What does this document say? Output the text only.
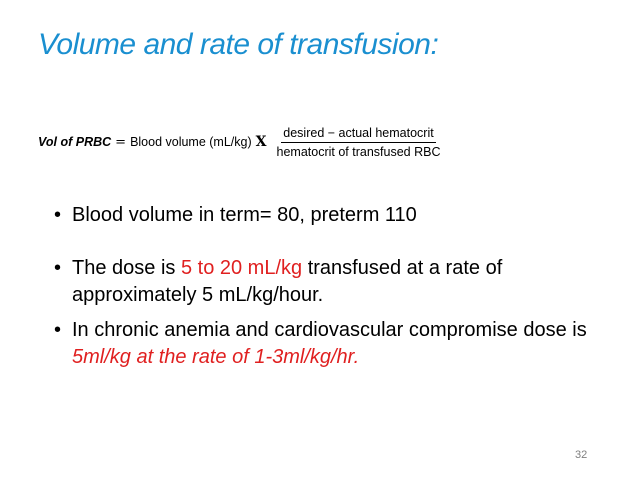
Volume and rate of transfusion:
Vol of PRBC = Blood volume (mL/kg) X $\frac{\text{desired − actual hematocrit}}{\text{hematocrit of transfused RBC}}$
• Blood volume in term= 80, preterm 110
• The dose is 5 to 20 mL/kg transfused at a rate of approximately 5 mL/kg/hour.
• In chronic anemia and cardiovascular compromise dose is 5ml/kg at the rate of 1-3ml/kg/hr.
32
